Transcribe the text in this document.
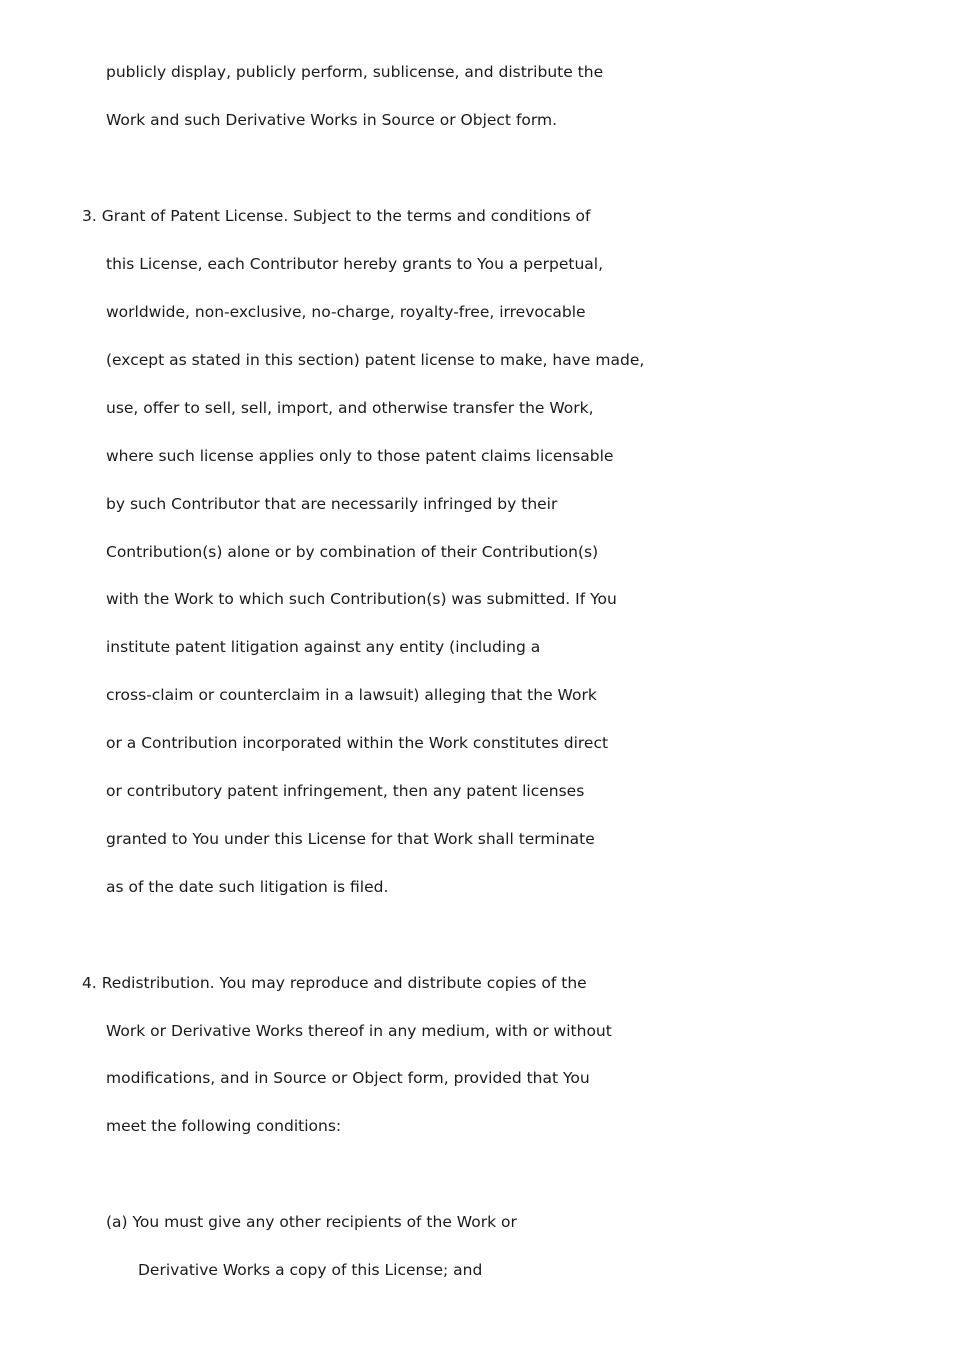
publicly display, publicly perform, sublicense, and distribute the
Work and such Derivative Works in Source or Object form.
3. Grant of Patent License. Subject to the terms and conditions of
this License, each Contributor hereby grants to You a perpetual,
worldwide, non-exclusive, no-charge, royalty-free, irrevocable
(except as stated in this section) patent license to make, have made,
use, offer to sell, sell, import, and otherwise transfer the Work,
where such license applies only to those patent claims licensable
by such Contributor that are necessarily infringed by their
Contribution(s) alone or by combination of their Contribution(s)
with the Work to which such Contribution(s) was submitted. If You
institute patent litigation against any entity (including a
cross-claim or counterclaim in a lawsuit) alleging that the Work
or a Contribution incorporated within the Work constitutes direct
or contributory patent infringement, then any patent licenses
granted to You under this License for that Work shall terminate
as of the date such litigation is filed.
4. Redistribution. You may reproduce and distribute copies of the
Work or Derivative Works thereof in any medium, with or without
modifications, and in Source or Object form, provided that You
meet the following conditions:
(a) You must give any other recipients of the Work or
Derivative Works a copy of this License; and
